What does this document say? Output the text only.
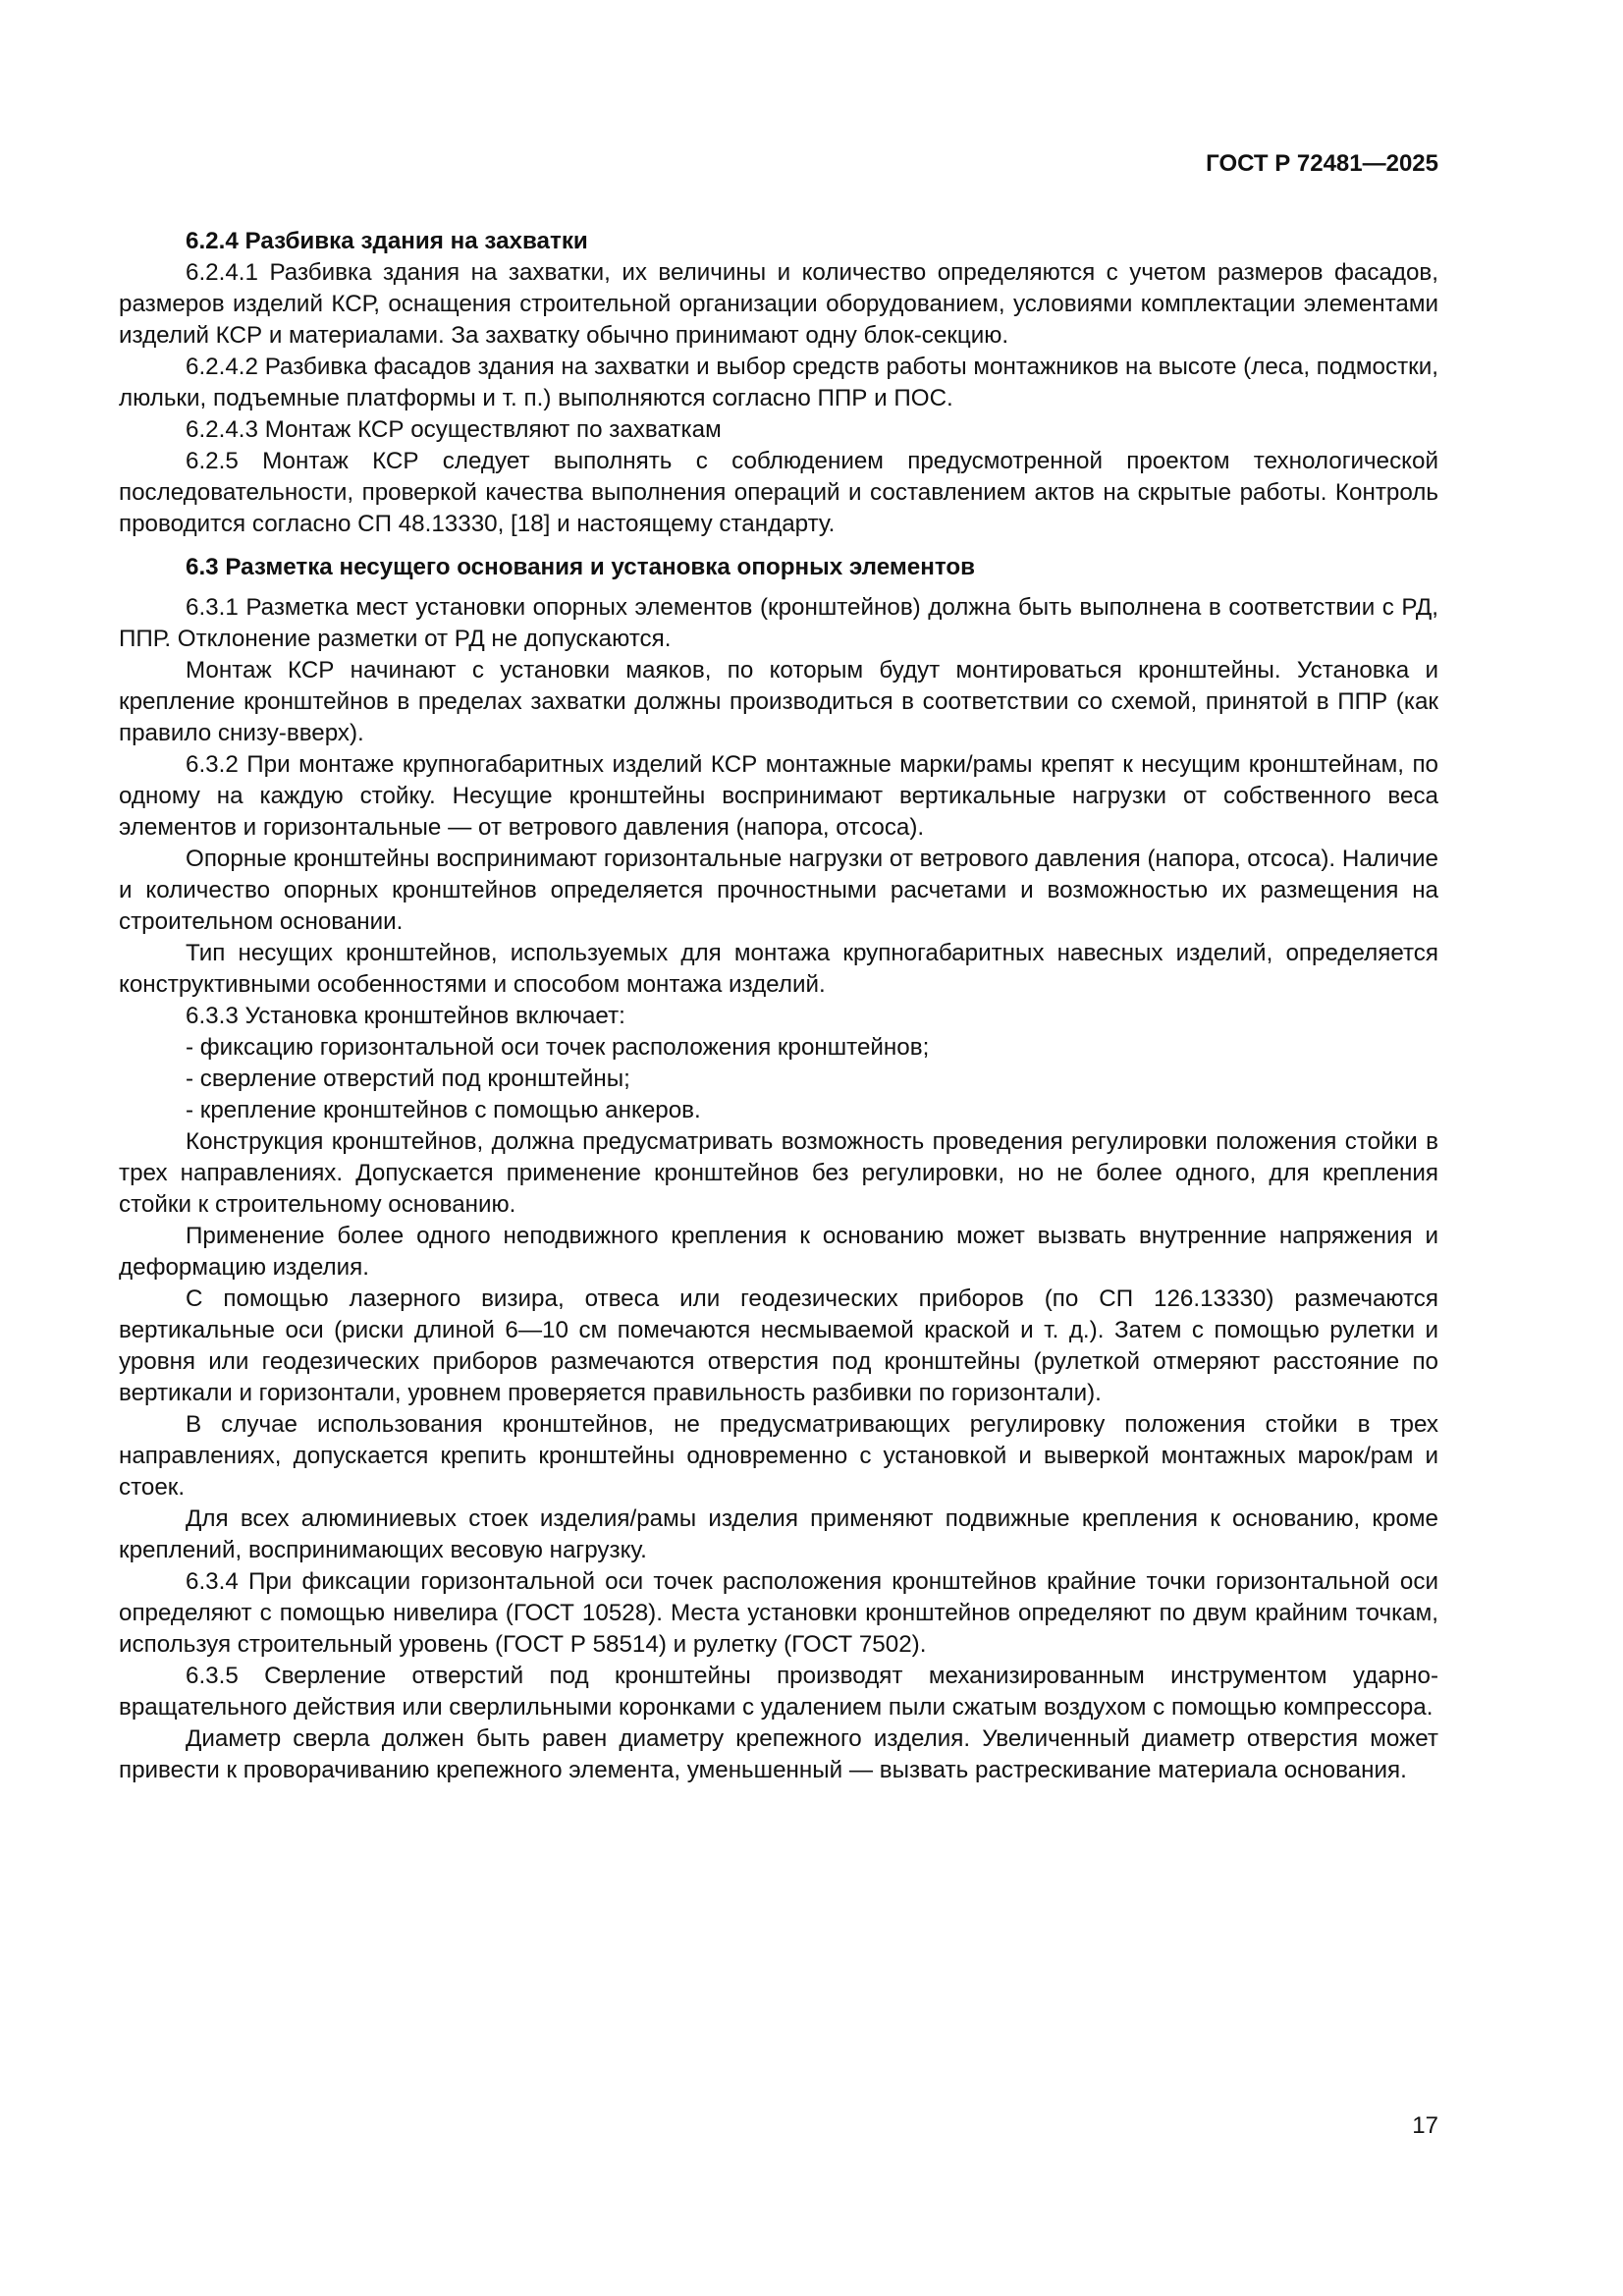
ГОСТ Р 72481—2025
6.2.4 Разбивка здания на захватки

6.2.4.1 Разбивка здания на захватки, их величины и количество определяются с учетом размеров фасадов, размеров изделий КСР, оснащения строительной организации оборудованием, условиями комплектации элементами изделий КСР и материалами. За захватку обычно принимают одну блок-секцию.

6.2.4.2 Разбивка фасадов здания на захватки и выбор средств работы монтажников на высоте (леса, подмостки, люльки, подъемные платформы и т. п.) выполняются согласно ППР и ПОС.

6.2.4.3 Монтаж КСР осуществляют по захваткам

6.2.5 Монтаж КСР следует выполнять с соблюдением предусмотренной проектом технологической последовательности, проверкой качества выполнения операций и составлением актов на скрытые работы. Контроль проводится согласно СП 48.13330, [18] и настоящему стандарту.

6.3 Разметка несущего основания и установка опорных элементов

6.3.1 Разметка мест установки опорных элементов (кронштейнов) должна быть выполнена в соответствии с РД, ППР. Отклонение разметки от РД не допускаются.

Монтаж КСР начинают с установки маяков, по которым будут монтироваться кронштейны. Установка и крепление кронштейнов в пределах захватки должны производиться в соответствии со схемой, принятой в ППР (как правило снизу-вверх).

6.3.2 При монтаже крупногабаритных изделий КСР монтажные марки/рамы крепят к несущим кронштейнам, по одному на каждую стойку. Несущие кронштейны воспринимают вертикальные нагрузки от собственного веса элементов и горизонтальные — от ветрового давления (напора, отсоса).

Опорные кронштейны воспринимают горизонтальные нагрузки от ветрового давления (напора, отсоса). Наличие и количество опорных кронштейнов определяется прочностными расчетами и возможностью их размещения на строительном основании.

Тип несущих кронштейнов, используемых для монтажа крупногабаритных навесных изделий, определяется конструктивными особенностями и способом монтажа изделий.

6.3.3 Установка кронштейнов включает:

- фиксацию горизонтальной оси точек расположения кронштейнов;
- сверление отверстий под кронштейны;
- крепление кронштейнов с помощью анкеров.

Конструкция кронштейнов, должна предусматривать возможность проведения регулировки положения стойки в трех направлениях. Допускается применение кронштейнов без регулировки, но не более одного, для крепления стойки к строительному основанию.

Применение более одного неподвижного крепления к основанию может вызвать внутренние напряжения и деформацию изделия.

С помощью лазерного визира, отвеса или геодезических приборов (по СП 126.13330) размечаются вертикальные оси (риски длиной 6—10 см помечаются несмываемой краской и т. д.). Затем с помощью рулетки и уровня или геодезических приборов размечаются отверстия под кронштейны (рулеткой отмеряют расстояние по вертикали и горизонтали, уровнем проверяется правильность разбивки по горизонтали).

В случае использования кронштейнов, не предусматривающих регулировку положения стойки в трех направлениях, допускается крепить кронштейны одновременно с установкой и выверкой монтажных марок/рам и стоек.

Для всех алюминиевых стоек изделия/рамы изделия применяют подвижные крепления к основанию, кроме креплений, воспринимающих весовую нагрузку.

6.3.4 При фиксации горизонтальной оси точек расположения кронштейнов крайние точки горизонтальной оси определяют с помощью нивелира (ГОСТ 10528). Места установки кронштейнов определяют по двум крайним точкам, используя строительный уровень (ГОСТ Р 58514) и рулетку (ГОСТ 7502).

6.3.5 Сверление отверстий под кронштейны производят механизированным инструментом ударно-вращательного действия или сверлильными коронками с удалением пыли сжатым воздухом с помощью компрессора.

Диаметр сверла должен быть равен диаметру крепежного изделия. Увеличенный диаметр отверстия может привести к проворачиванию крепежного элемента, уменьшенный — вызвать растрескивание материала основания.

17
